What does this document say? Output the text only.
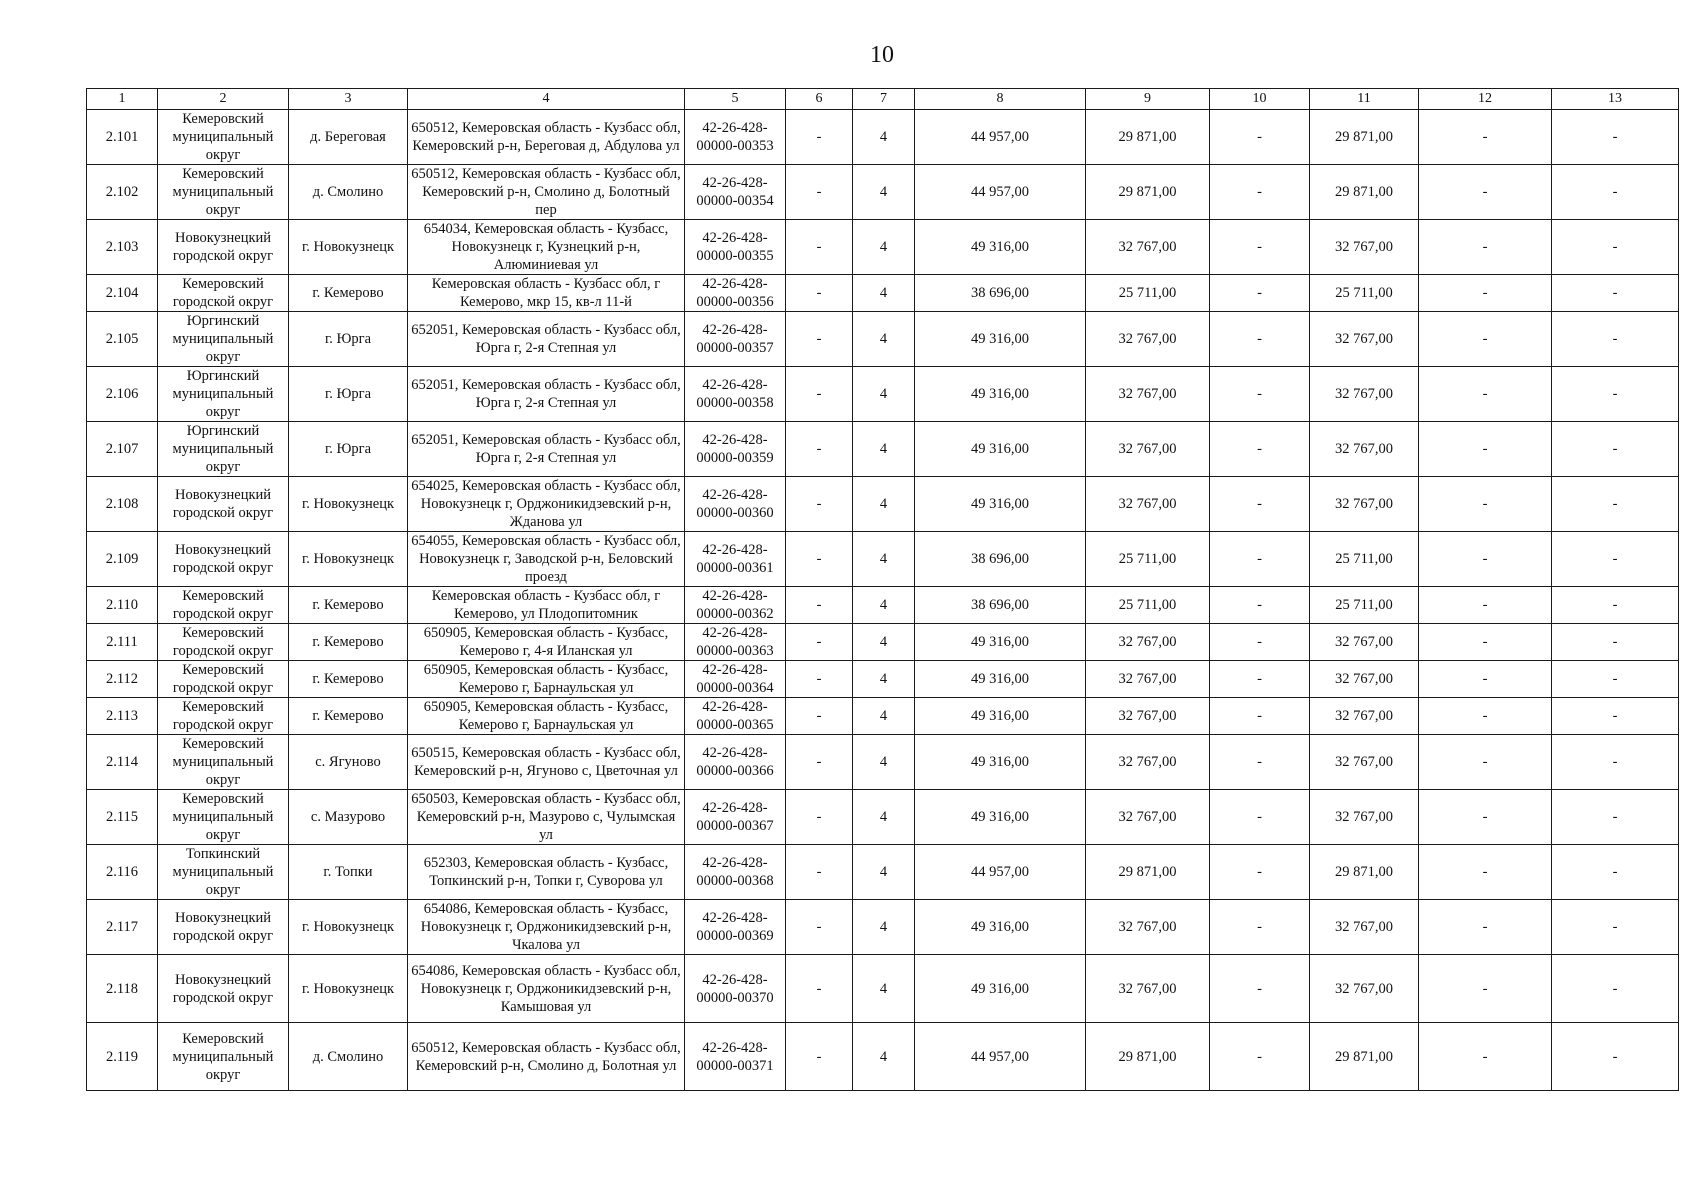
10
1	2	3	4	5	6	7	8	9	10	11	12	13
2.101	Кемеровский муниципальный округ	д. Береговая	650512, Кемеровская область - Кузбасс обл, Кемеровский р-н, Береговая д, Абдулова ул	42-26-428-00000-00353	-	4	44 957,00	29 871,00	-	29 871,00	-	-
2.102	Кемеровский муниципальный округ	д. Смолино	650512, Кемеровская область - Кузбасс обл, Кемеровский р-н, Смолино д, Болотный пер	42-26-428-00000-00354	-	4	44 957,00	29 871,00	-	29 871,00	-	-
2.103	Новокузнецкий городской округ	г. Новокузнецк	654034, Кемеровская область - Кузбасс, Новокузнецк г, Кузнецкий р-н, Алюминиевая ул	42-26-428-00000-00355	-	4	49 316,00	32 767,00	-	32 767,00	-	-
2.104	Кемеровский городской округ	г. Кемерово	Кемеровская область - Кузбасс обл, г Кемерово, мкр 15, кв-л 11-й	42-26-428-00000-00356	-	4	38 696,00	25 711,00	-	25 711,00	-	-
2.105	Юргинский муниципальный округ	г. Юрга	652051, Кемеровская область - Кузбасс обл, Юрга г, 2-я Степная ул	42-26-428-00000-00357	-	4	49 316,00	32 767,00	-	32 767,00	-	-
2.106	Юргинский муниципальный округ	г. Юрга	652051, Кемеровская область - Кузбасс обл, Юрга г, 2-я Степная ул	42-26-428-00000-00358	-	4	49 316,00	32 767,00	-	32 767,00	-	-
2.107	Юргинский муниципальный округ	г. Юрга	652051, Кемеровская область - Кузбасс обл, Юрга г, 2-я Степная ул	42-26-428-00000-00359	-	4	49 316,00	32 767,00	-	32 767,00	-	-
2.108	Новокузнецкий городской округ	г. Новокузнецк	654025, Кемеровская область - Кузбасс обл, Новокузнецк г, Орджоникидзевский р-н, Жданова ул	42-26-428-00000-00360	-	4	49 316,00	32 767,00	-	32 767,00	-	-
2.109	Новокузнецкий городской округ	г. Новокузнецк	654055, Кемеровская область - Кузбасс обл, Новокузнецк г, Заводской р-н, Беловский проезд	42-26-428-00000-00361	-	4	38 696,00	25 711,00	-	25 711,00	-	-
2.110	Кемеровский городской округ	г. Кемерово	Кемеровская область - Кузбасс обл, г Кемерово, ул Плодопитомник	42-26-428-00000-00362	-	4	38 696,00	25 711,00	-	25 711,00	-	-
2.111	Кемеровский городской округ	г. Кемерово	650905, Кемеровская область - Кузбасс, Кемерово г, 4-я Иланская ул	42-26-428-00000-00363	-	4	49 316,00	32 767,00	-	32 767,00	-	-
2.112	Кемеровский городской округ	г. Кемерово	650905, Кемеровская область - Кузбасс, Кемерово г, Барнаульская ул	42-26-428-00000-00364	-	4	49 316,00	32 767,00	-	32 767,00	-	-
2.113	Кемеровский городской округ	г. Кемерово	650905, Кемеровская область - Кузбасс, Кемерово г, Барнаульская ул	42-26-428-00000-00365	-	4	49 316,00	32 767,00	-	32 767,00	-	-
2.114	Кемеровский муниципальный округ	с. Ягуново	650515, Кемеровская область - Кузбасс обл, Кемеровский р-н, Ягуново с, Цветочная ул	42-26-428-00000-00366	-	4	49 316,00	32 767,00	-	32 767,00	-	-
2.115	Кемеровский муниципальный округ	с. Мазурово	650503, Кемеровская область - Кузбасс обл, Кемеровский р-н, Мазурово с, Чулымская ул	42-26-428-00000-00367	-	4	49 316,00	32 767,00	-	32 767,00	-	-
2.116	Топкинский муниципальный округ	г. Топки	652303, Кемеровская область - Кузбасс, Топкинский р-н, Топки г, Суворова ул	42-26-428-00000-00368	-	4	44 957,00	29 871,00	-	29 871,00	-	-
2.117	Новокузнецкий городской округ	г. Новокузнецк	654086, Кемеровская область - Кузбасс, Новокузнецк г, Орджоникидзевский р-н, Чкалова ул	42-26-428-00000-00369	-	4	49 316,00	32 767,00	-	32 767,00	-	-
2.118	Новокузнецкий городской округ	г. Новокузнецк	654086, Кемеровская область - Кузбасс обл, Новокузнецк г, Орджоникидзевский р-н, Камышовая ул	42-26-428-00000-00370	-	4	49 316,00	32 767,00	-	32 767,00	-	-
2.119	Кемеровский муниципальный округ	д. Смолино	650512, Кемеровская область - Кузбасс обл, Кемеровский р-н, Смолино д, Болотная ул	42-26-428-00000-00371	-	4	44 957,00	29 871,00	-	29 871,00	-	-
